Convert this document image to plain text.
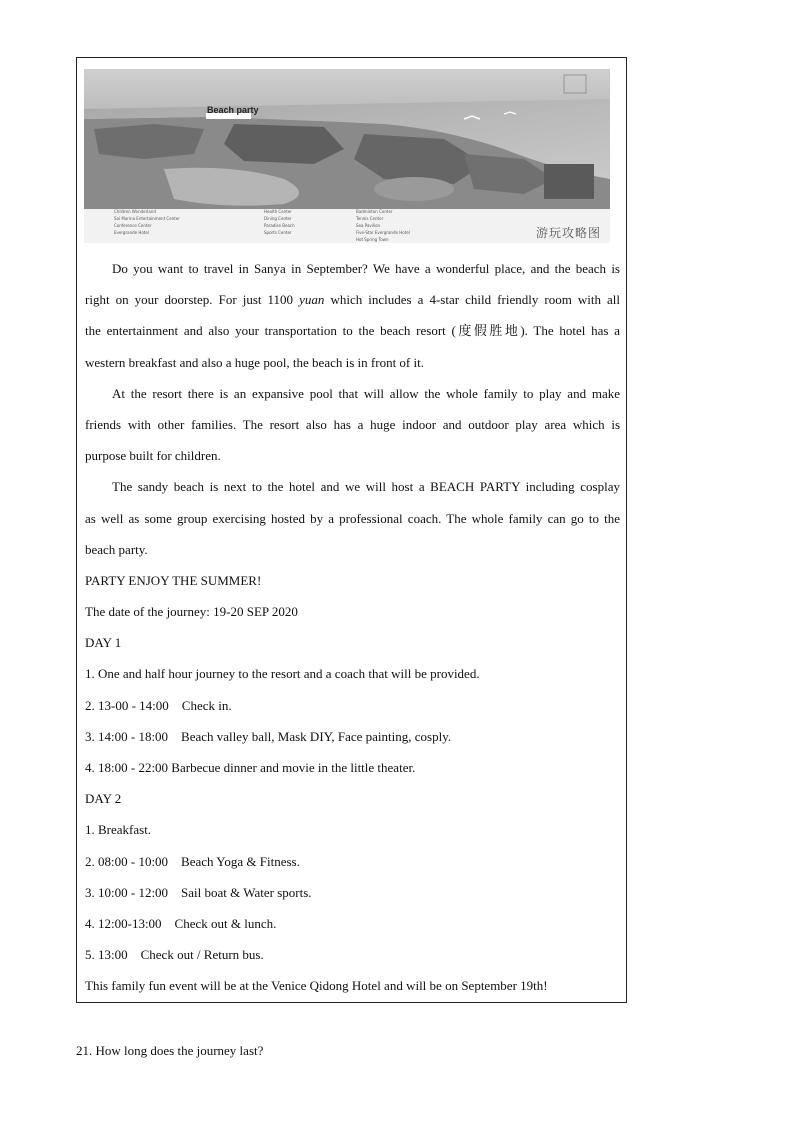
Beach party
Children Wonderland
Sai Marina Entertainment Center
Conference Center
Evergrande Hotel
Health Center
Dining Center
Paradise Beach
Sports Center
Badminton Center
Tennis Center
Sea Pavilion
Five-Star Evergrande Hotel
Hot Spring Town	游玩攻略图

Do you want to travel in Sanya in September? We have a wonderful place, and the beach is

right on your doorstep. For just 1100 yuan which includes a 4-star child friendly room with all

the entertainment and also your transportation to the beach resort (度假胜地). The hotel has a

western breakfast and also a huge pool, the beach is in front of it.

At the resort there is an expansive pool that will allow the whole family to play and make

friends with other families. The resort also has a huge indoor and outdoor play area which is

purpose built for children.

The sandy beach is next to the hotel and we will host a BEACH PARTY including cosplay

as well as some group exercising hosted by a professional coach. The whole family can go to the

beach party.

PARTY ENJOY THE SUMMER!

The date of the journey: 19-20 SEP 2020

DAY 1

1. One and half hour journey to the resort and a coach that will be provided.

2. 13-00 - 14:00    Check in.

3. 14:00 - 18:00    Beach valley ball, Mask DIY, Face painting, cosply.

4. 18:00 - 22:00 Barbecue dinner and movie in the little theater.

DAY 2

1. Breakfast.

2. 08:00 - 10:00    Beach Yoga & Fitness.

3. 10:00 - 12:00    Sail boat & Water sports.

4. 12:00-13:00    Check out & lunch.

5. 13:00    Check out / Return bus.

This family fun event will be at the Venice Qidong Hotel and will be on September 19th!

21. How long does the journey last?
